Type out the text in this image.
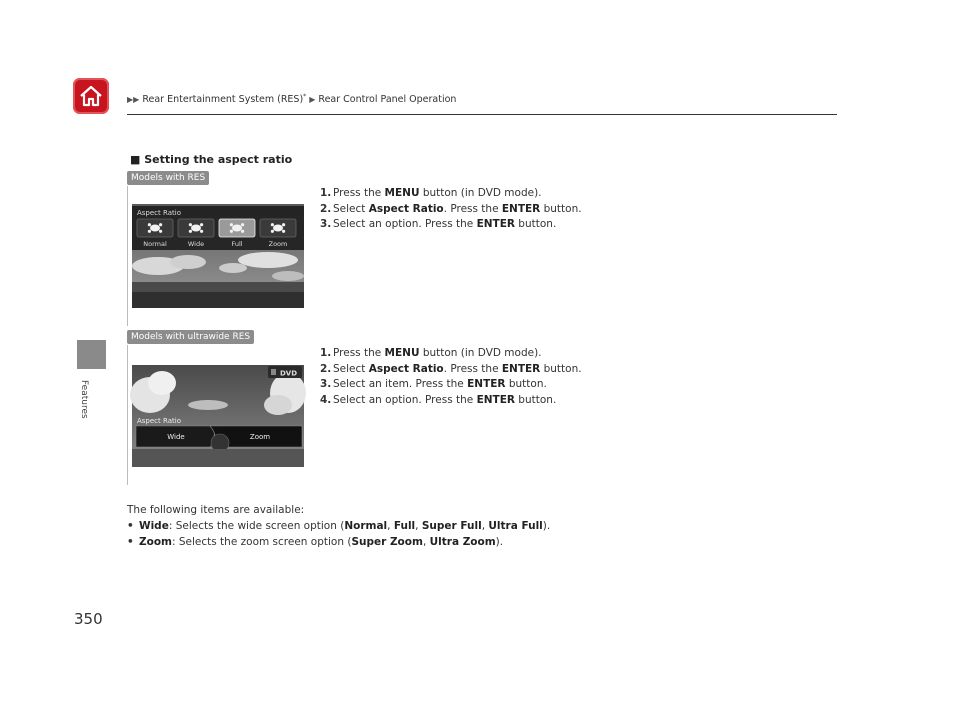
▶▶ Rear Entertainment System (RES)* ▶ Rear Control Panel Operation
Features
350
■ Setting the aspect ratio
Models with RES
Aspect Ratio
Normal	Wide	Full	Zoom
1. Press the MENU button (in DVD mode).
2. Select Aspect Ratio. Press the ENTER button.
3. Select an option. Press the ENTER button.
Models with ultrawide RES
DVD
Aspect Ratio
Wide	Zoom
1. Press the MENU button (in DVD mode).
2. Select Aspect Ratio. Press the ENTER button.
3. Select an item. Press the ENTER button.
4. Select an option. Press the ENTER button.
The following items are available:
• Wide: Selects the wide screen option (Normal, Full, Super Full, Ultra Full).
• Zoom: Selects the zoom screen option (Super Zoom, Ultra Zoom).
